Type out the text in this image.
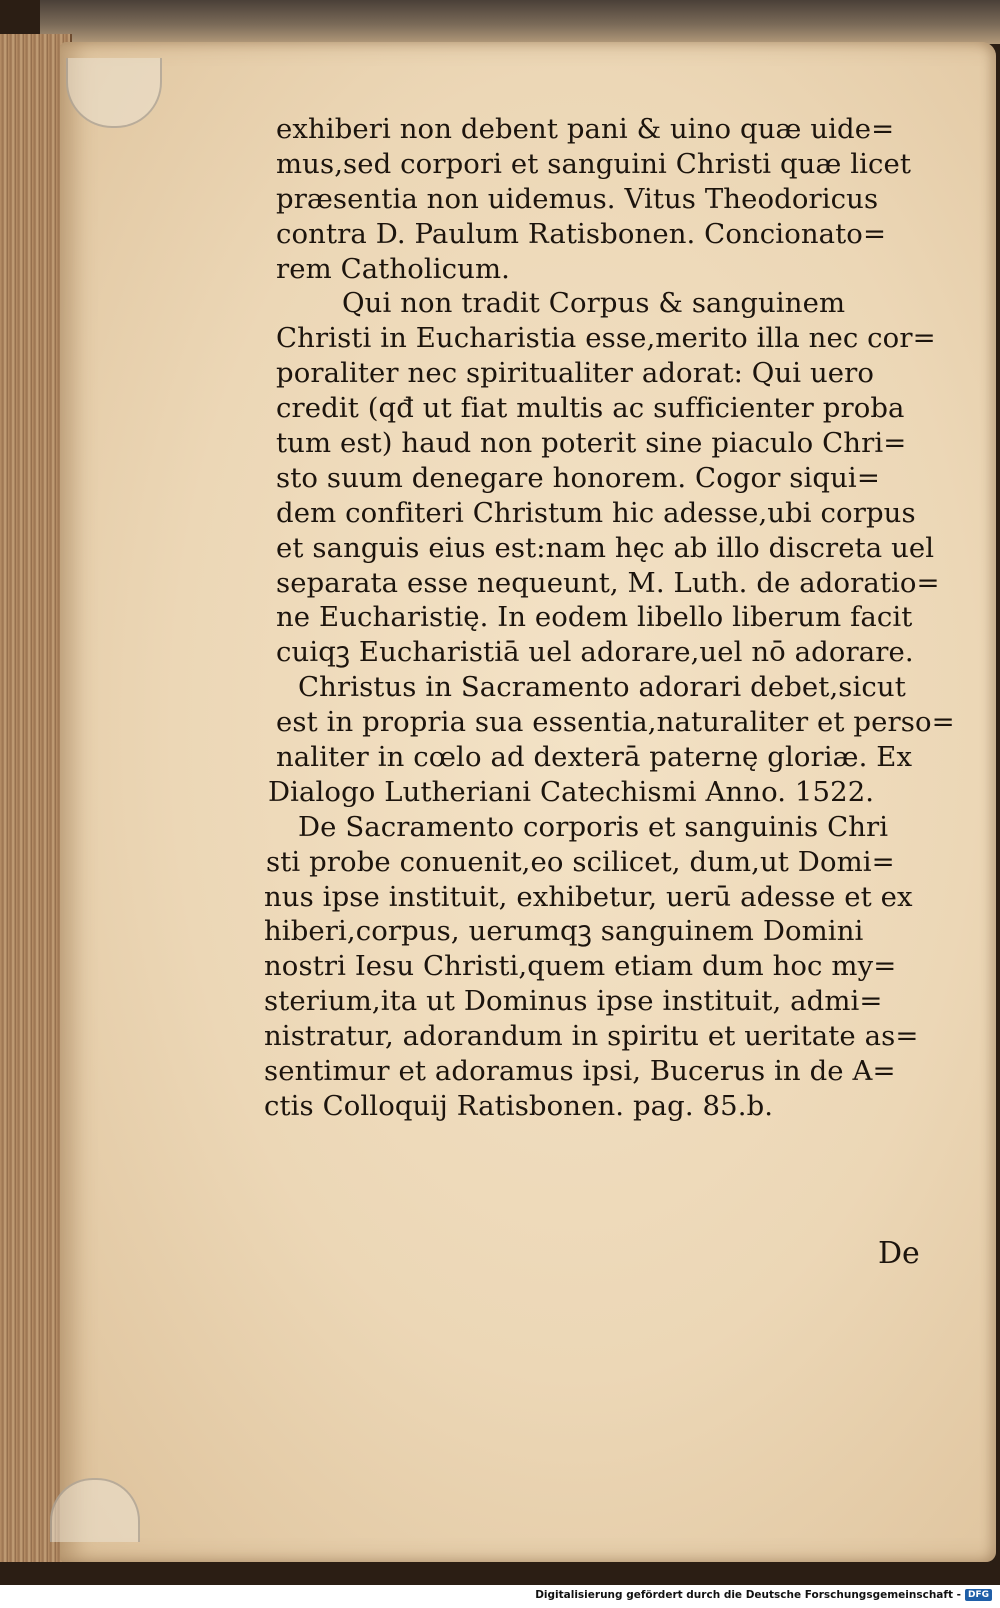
exhiberi non debent pani & uino quæ uide=
mus,sed corpori et sanguini Christi quæ licet
præsentia non uidemus. Vitus Theodoricus
contra D. Paulum Ratisbonen. Concionato=
rem Catholicum.
Qui non tradit Corpus & sanguinem
Christi in Eucharistia esse,merito illa nec cor=
poraliter nec spiritualiter adorat: Qui uero
credit (qđ ut fiat multis ac sufficienter proba
tum est) haud non poterit sine piaculo Chri=
sto suum denegare honorem. Cogor siqui=
dem confiteri Christum hic adesse,ubi corpus
et sanguis eius est:nam hęc ab illo discreta uel
separata esse nequeunt, M. Luth. de adoratio=
ne Eucharistię. In eodem libello liberum facit
cuiqꝫ Eucharistiā uel adorare,uel nō adorare.
Christus in Sacramento adorari debet,sicut
est in propria sua essentia,naturaliter et perso=
naliter in cœlo ad dexterā paternę gloriæ. Ex
Dialogo Lutheriani Catechismi Anno. 1522.
De Sacramento corporis et sanguinis Chri
sti probe conuenit,eo scilicet, dum,ut Domi=
nus ipse instituit, exhibetur, uerū adesse et ex
hiberi,corpus, uerumqꝫ sanguinem Domini
nostri Iesu Christi,quem etiam dum hoc my=
sterium,ita ut Dominus ipse instituit, admi=
nistratur, adorandum in spiritu et ueritate as=
sentimur et adoramus ipsi, Bucerus in de A=
ctis Colloquij Ratisbonen. pag. 85.b.
De
Digitalisierung gefördert durch die Deutsche Forschungsgemeinschaft - DFG
